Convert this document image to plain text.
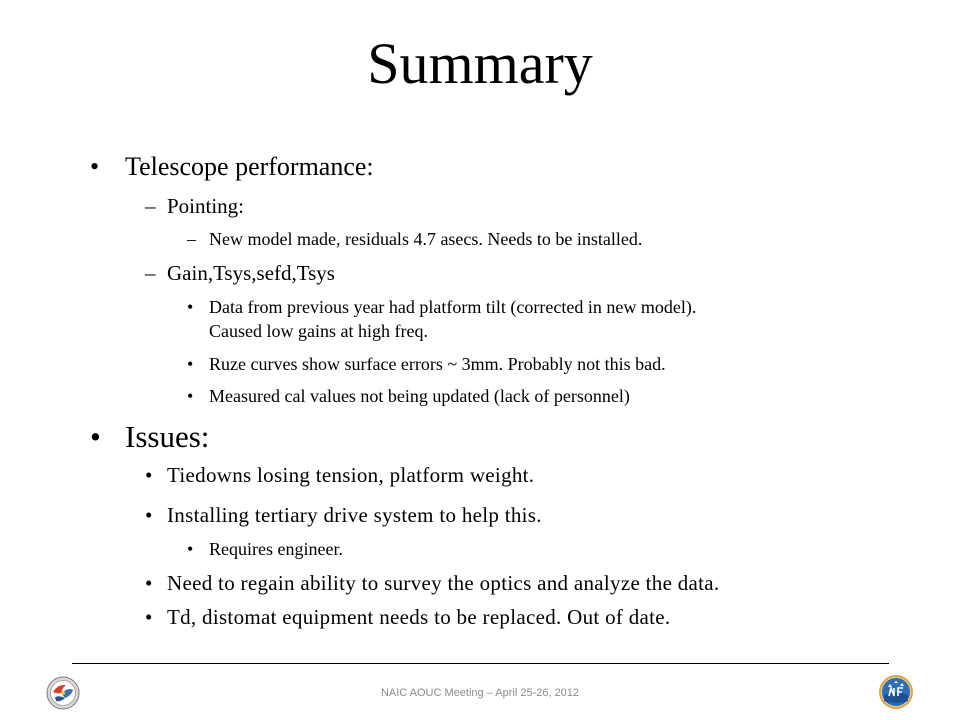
Summary
• Telescope performance:
– Pointing:
– New model made, residuals 4.7 asecs. Needs to be installed.
– Gain,Tsys,sefd,Tsys
• Data from previous year had platform tilt (corrected in new model).
Caused low gains at high freq.
• Ruze curves show surface errors ~ 3mm. Probably not this bad.
• Measured cal values not being updated (lack of personnel)
• Issues:
• Tiedowns losing tension, platform weight.
• Installing tertiary drive system to help this.
• Requires engineer.
• Need to regain ability to survey the optics and analyze the data.
• Td, distomat equipment needs to be replaced. Out of date.
NAIC AOUC Meeting – April 25-26, 2012
